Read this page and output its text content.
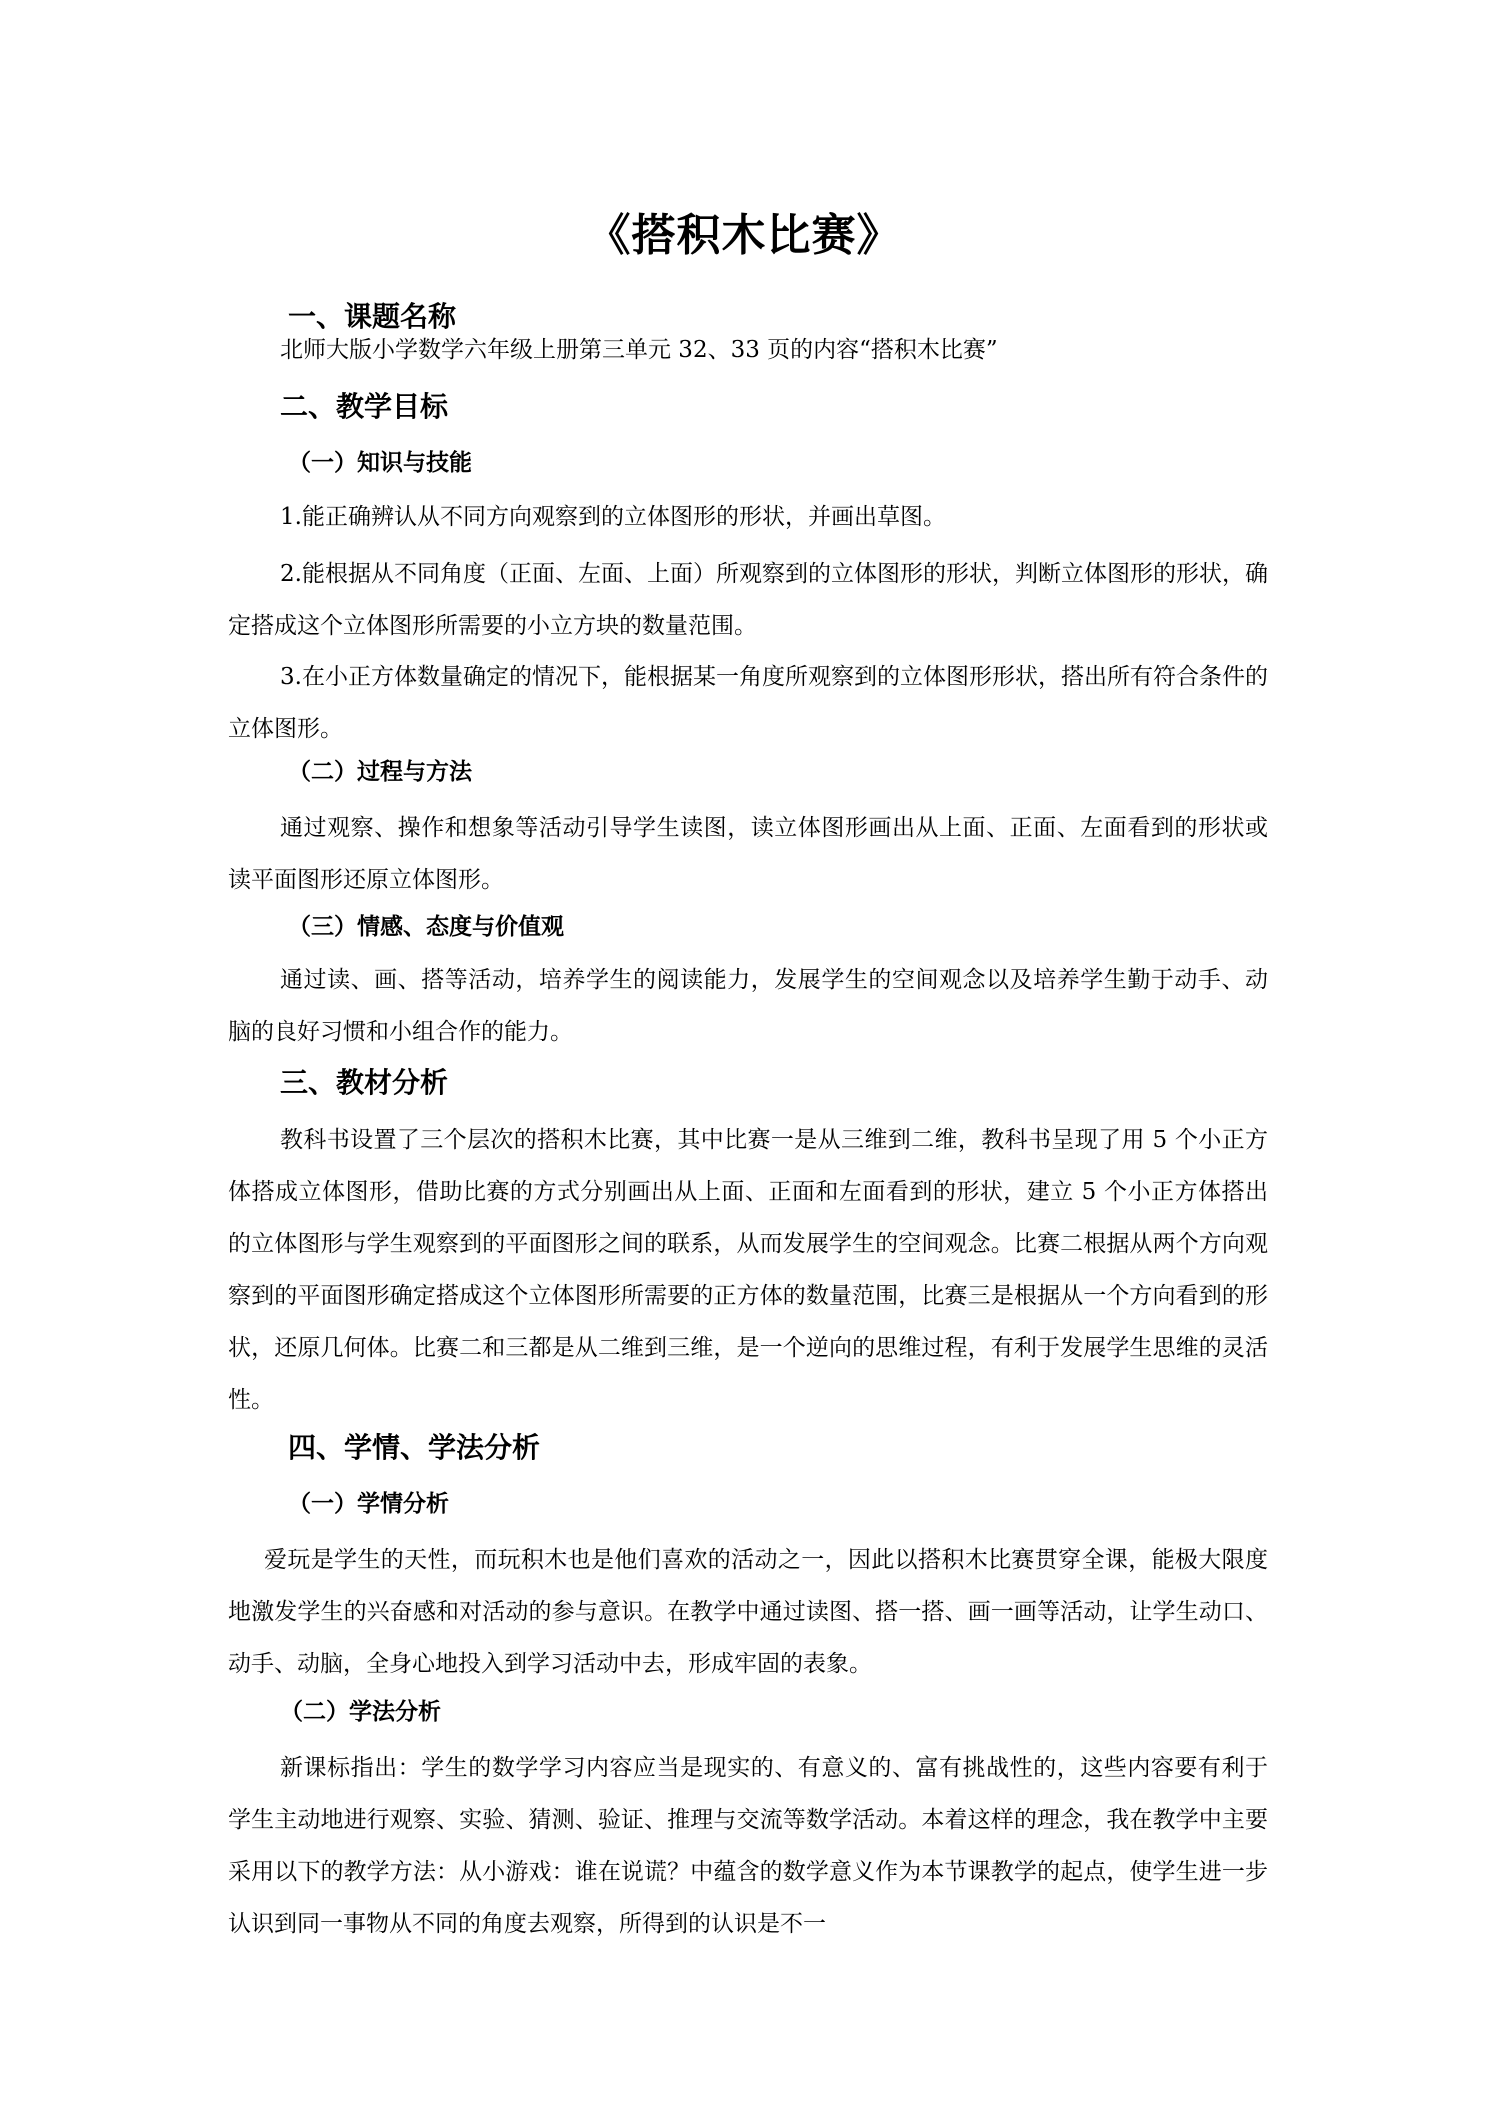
《搭积木比赛》
一、课题名称
北师大版小学数学六年级上册第三单元 32、33 页的内容“搭积木比赛”
二、教学目标
（一）知识与技能
1.能正确辨认从不同方向观察到的立体图形的形状，并画出草图。
2.能根据从不同角度（正面、左面、上面）所观察到的立体图形的形状，判断立体图形的形状，确定搭成这个立体图形所需要的小立方块的数量范围。
3.在小正方体数量确定的情况下，能根据某一角度所观察到的立体图形形状，搭出所有符合条件的立体图形。
（二）过程与方法
通过观察、操作和想象等活动引导学生读图，读立体图形画出从上面、正面、左面看到的形状或读平面图形还原立体图形。
（三）情感、态度与价值观
通过读、画、搭等活动，培养学生的阅读能力，发展学生的空间观念以及培养学生勤于动手、动脑的良好习惯和小组合作的能力。
三、教材分析
教科书设置了三个层次的搭积木比赛，其中比赛一是从三维到二维，教科书呈现了用 5 个小正方体搭成立体图形，借助比赛的方式分别画出从上面、正面和左面看到的形状，建立 5 个小正方体搭出的立体图形与学生观察到的平面图形之间的联系，从而发展学生的空间观念。比赛二根据从两个方向观察到的平面图形确定搭成这个立体图形所需要的正方体的数量范围，比赛三是根据从一个方向看到的形状，还原几何体。比赛二和三都是从二维到三维，是一个逆向的思维过程，有利于发展学生思维的灵活性。
四、学情、学法分析
（一）学情分析
爱玩是学生的天性，而玩积木也是他们喜欢的活动之一，因此以搭积木比赛贯穿全课，能极大限度地激发学生的兴奋感和对活动的参与意识。在教学中通过读图、搭一搭、画一画等活动，让学生动口、动手、动脑，全身心地投入到学习活动中去，形成牢固的表象。
（二）学法分析
新课标指出：学生的数学学习内容应当是现实的、有意义的、富有挑战性的，这些内容要有利于学生主动地进行观察、实验、猜测、验证、推理与交流等数学活动。本着这样的理念，我在教学中主要采用以下的教学方法：从小游戏：谁在说谎？中蕴含的数学意义作为本节课教学的起点，使学生进一步认识到同一事物从不同的角度去观察，所得到的认识是不一
